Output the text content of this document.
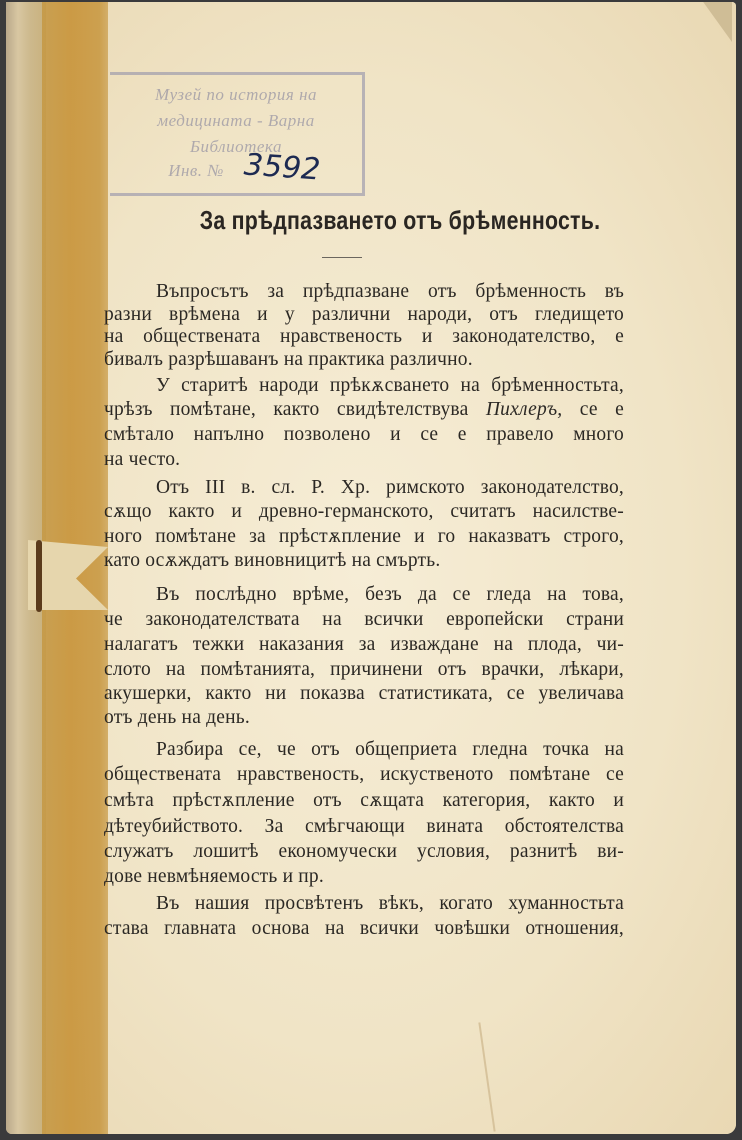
Музей по история на
медицината - Варна
Библиотека
Инв. № 3592
За прѣдпазването отъ брѣменность.
Въпросътъ за прѣдпазване отъ брѣменность въ
разни врѣмена и у различни народи, отъ гледището
на обществената нравственость и законодателство, е
бивалъ разрѣшаванъ на практика различно.
У старитѣ народи прѣкѫсването на брѣменностьта,
чрѣзъ помѣтане, както свидѣтелствува Пихлеръ, се е
смѣтало напълно позволено и се е правело много
на често.
Отъ III в. сл. Р. Хр. римското законодателство,
сѫщо както и древно-германското, считатъ насилстве-
ного помѣтане за прѣстѫпление и го наказватъ строго,
като осѫждатъ виновницитѣ на смърть.
Въ послѣдно врѣме, безъ да се гледа на това,
че законодателствата на всички европейски страни
налагатъ тежки наказания за изваждане на плода, чи-
слото на помѣтанията, причинени отъ врачки, лѣкари,
акушерки, както ни показва статистиката, се увеличава
отъ день на день.
Разбира се, че отъ общеприета гледна точка на
обществената нравственость, искуственото помѣтане се
смѣта прѣстѫпление отъ сѫщата категория, както и
дѣтеубийството. За смѣгчающи вината обстоятелства
служатъ лошитѣ економучески условия, разнитѣ ви-
дове невмѣняемость и пр.
Въ нашия просвѣтенъ вѣкъ, когато хуманностьта
става главната основа на всички човѣшки отношения,
